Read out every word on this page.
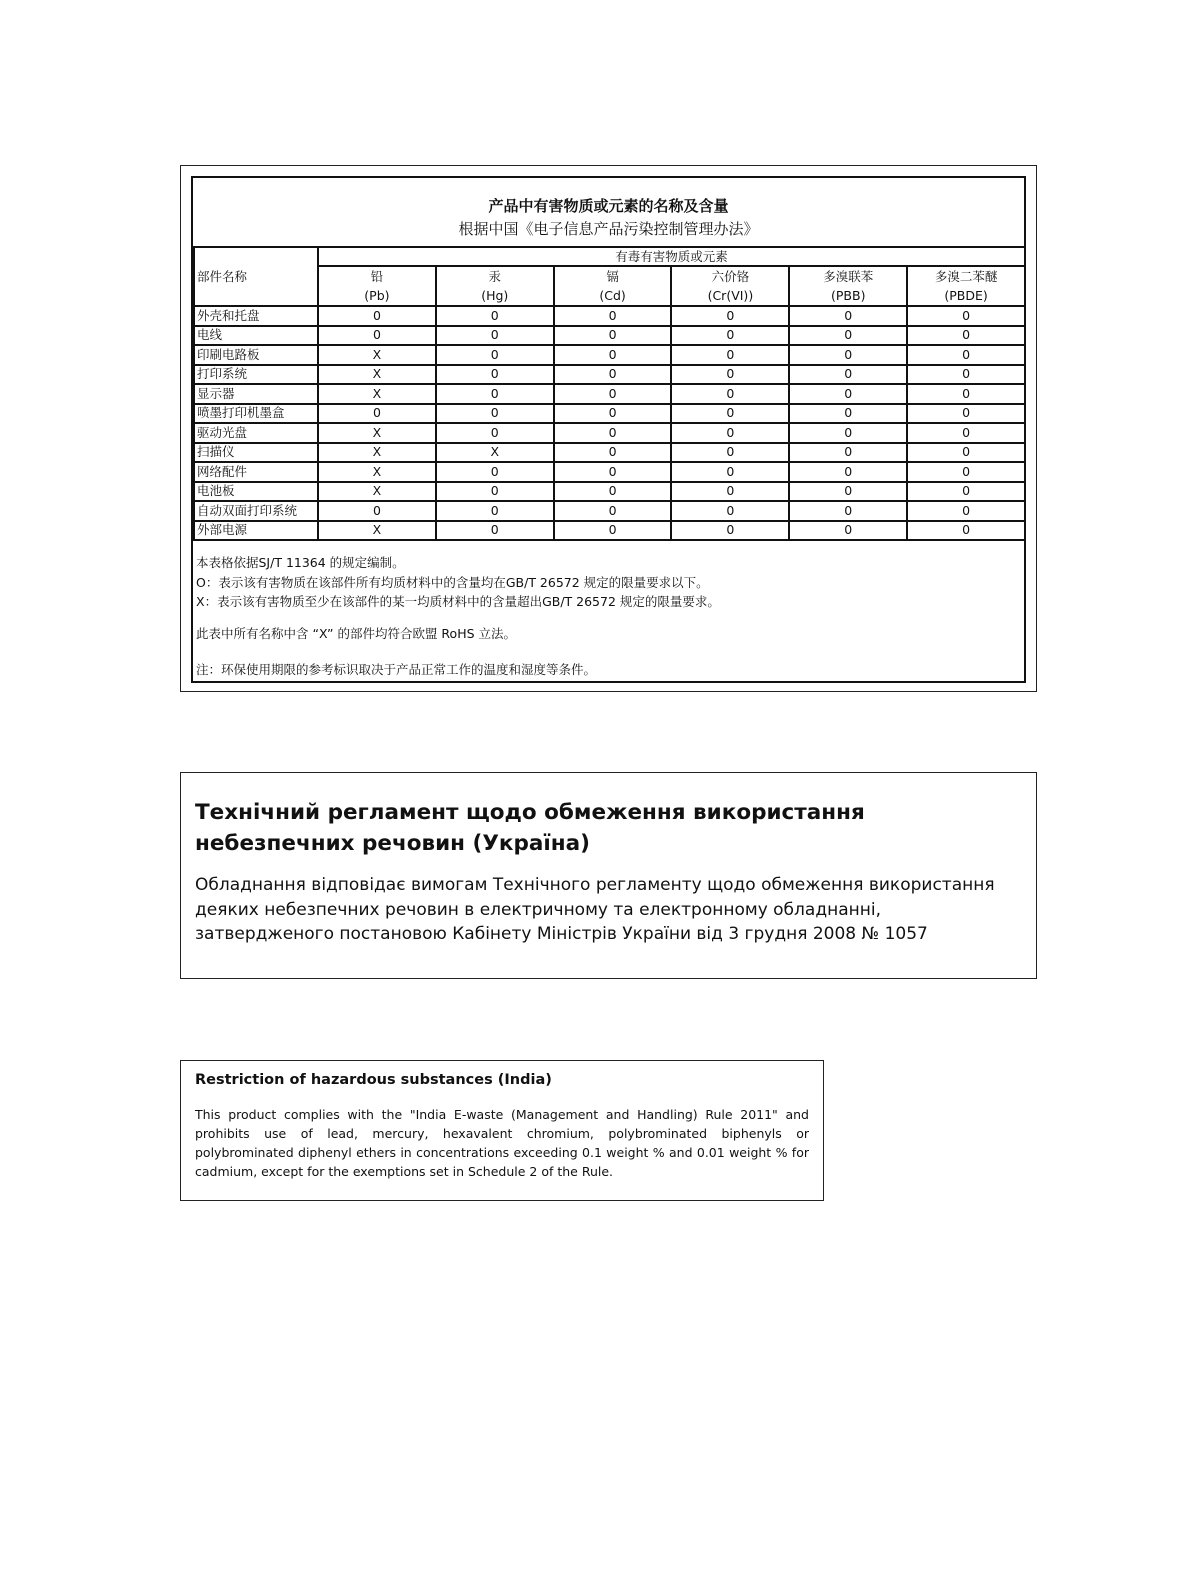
产品中有害物质或元素的名称及含量
根据中国《电子信息产品污染控制管理办法》
部件名称	有毒有害物质或元素					
	铅	汞	镉	六价铬	多溴联苯	多溴二苯醚
	(Pb)	(Hg)	(Cd)	(Cr(VI))	(PBB)	(PBDE)
外壳和托盘	0	0	0	0	0	0
电线	0	0	0	0	0	0
印刷电路板	X	0	0	0	0	0
打印系统	X	0	0	0	0	0
显示器	X	0	0	0	0	0
喷墨打印机墨盒	0	0	0	0	0	0
驱动光盘	X	0	0	0	0	0
扫描仪	X	X	0	0	0	0
网络配件	X	0	0	0	0	0
电池板	X	0	0	0	0	0
自动双面打印系统	0	0	0	0	0	0
外部电源	X	0	0	0	0	0
本表格依据SJ/T 11364 的规定编制。
O：表示该有害物质在该部件所有均质材料中的含量均在GB/T 26572 规定的限量要求以下。
X：表示该有害物质至少在该部件的某一均质材料中的含量超出GB/T 26572 规定的限量要求。
此表中所有名称中含 “X” 的部件均符合欧盟 RoHS 立法。
注：环保使用期限的参考标识取决于产品正常工作的温度和湿度等条件。
Технічний регламент щодо обмеження використання
небезпечних речовин (Україна)
Обладнання відповідає вимогам Технічного регламенту щодо обмеження використання
деяких небезпечних речовин в електричному та електронному обладнанні,
затвердженого постановою Кабінету Міністрів України від 3 грудня 2008 № 1057
Restriction of hazardous substances (India)
This product complies with the "India E-waste (Management and Handling) Rule 2011" and prohibits use of lead, mercury, hexavalent chromium, polybrominated biphenyls or polybrominated diphenyl ethers in concentrations exceeding 0.1 weight % and 0.01 weight % for cadmium, except for the exemptions set in Schedule 2 of the Rule.
